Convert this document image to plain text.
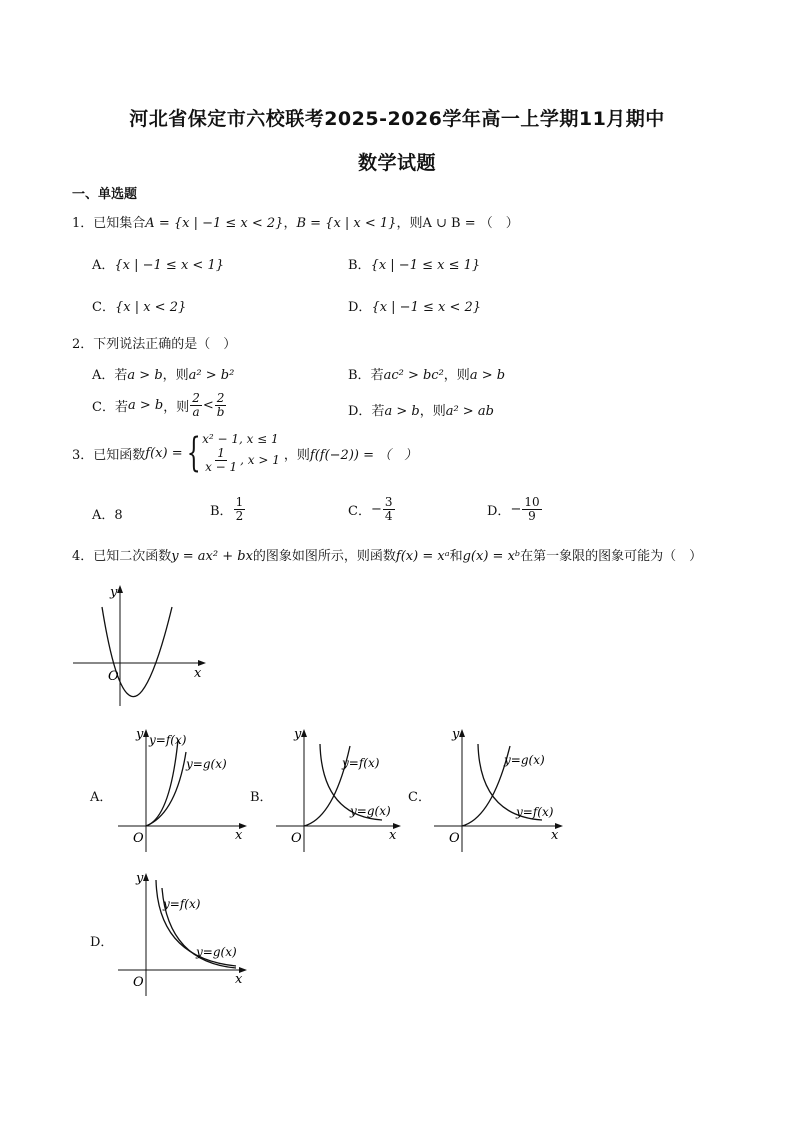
河北省保定市六校联考2025-2026学年高一上学期11月期中
数学试题
一、单选题
1．已知集合A = {x | −1 ≤ x < 2}，B = {x | x < 1}，则A ∪ B = （　）
A．{x | −1 ≤ x < 1}	B．{x | −1 ≤ x ≤ 1}
C．{x | x < 2}	D．{x | −1 ≤ x < 2}
2．下列说法正确的是（　）
A．若a > b，则a² > b²	B．若ac² > bc²，则a > b
C． 若 a > b ，则 $\frac{2}{a} < \frac{2}{b}$	D．若a > b，则a² > ab
3． 已知函数 f(x) = { x² − 1, x ≤ 1
$\frac{1}{x - 1}$ , x > 1 ，则 f(f(−2)) = （　）
A．8	B． $\frac{1}{2}$	C． − $\frac{3}{4}$	D． − $\frac{10}{9}$
4．已知二次函数y = ax² + bx的图象如图所示，则函数f(x) = xᵃ和g(x) = xᵇ在第一象限的图象可能为（　）
O	x
y
A．
O	x
y y=f(x)
y=g(x)
B．
O	x
y
y=f(x)
y=g(x)
C．
O	x
y
y=g(x)
y=f(x)
D．
O	x
y
y=f(x)
y=g(x)
